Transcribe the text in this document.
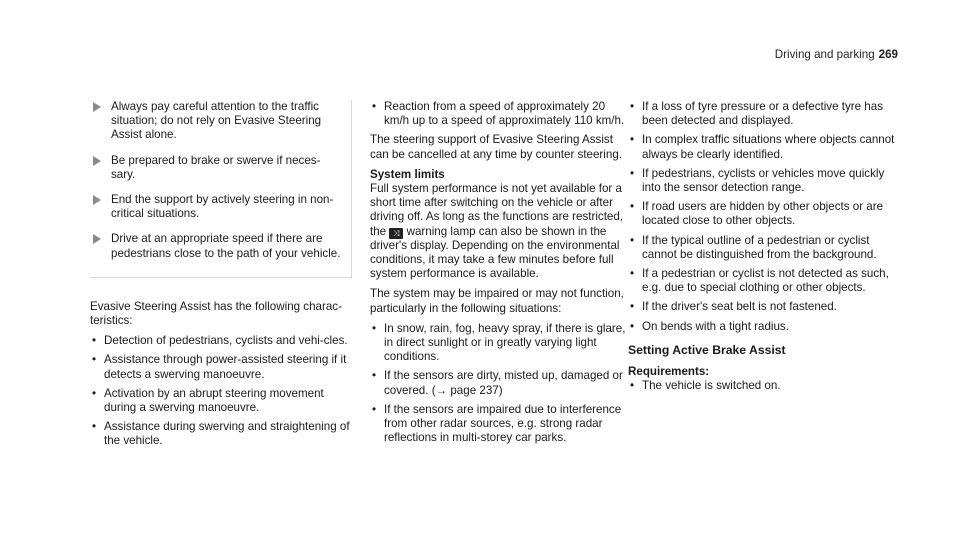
Driving and parking 269
Always pay careful attention to the traffic situation; do not rely on Evasive Steering Assist alone.
Be prepared to brake or swerve if neces-sary.
End the support by actively steering in non-critical situations.
Drive at an appropriate speed if there are pedestrians close to the path of your vehicle.

Evasive Steering Assist has the following charac-teristics:

• Detection of pedestrians, cyclists and vehi-cles.
• Assistance through power-assisted steering if it detects a swerving manoeuvre.
• Activation by an abrupt steering movement during a swerving manoeuvre.
• Assistance during swerving and straightening of the vehicle.
• Reaction from a speed of approximately 20 km/h up to a speed of approximately 110 km/h.

The steering support of Evasive Steering Assist can be cancelled at any time by counter steering.

System limits

Full system performance is not yet available for a short time after switching on the vehicle or after driving off. As long as the functions are restricted, the ⤨ warning lamp can also be shown in the driver's display. Depending on the environmental conditions, it may take a few minutes before full system performance is available.

The system may be impaired or may not function, particularly in the following situations:

• In snow, rain, fog, heavy spray, if there is glare, in direct sunlight or in greatly varying light conditions.
• If the sensors are dirty, misted up, damaged or covered. (→ page 237)
• If the sensors are impaired due to interference from other radar sources, e.g. strong radar reflections in multi-storey car parks.
• If a loss of tyre pressure or a defective tyre has been detected and displayed.
• In complex traffic situations where objects cannot always be clearly identified.
• If pedestrians, cyclists or vehicles move quickly into the sensor detection range.
• If road users are hidden by other objects or are located close to other objects.
• If the typical outline of a pedestrian or cyclist cannot be distinguished from the background.
• If a pedestrian or cyclist is not detected as such, e.g. due to special clothing or other objects.
• If the driver's seat belt is not fastened.
• On bends with a tight radius.
Setting Active Brake Assist
Requirements:
• The vehicle is switched on.
